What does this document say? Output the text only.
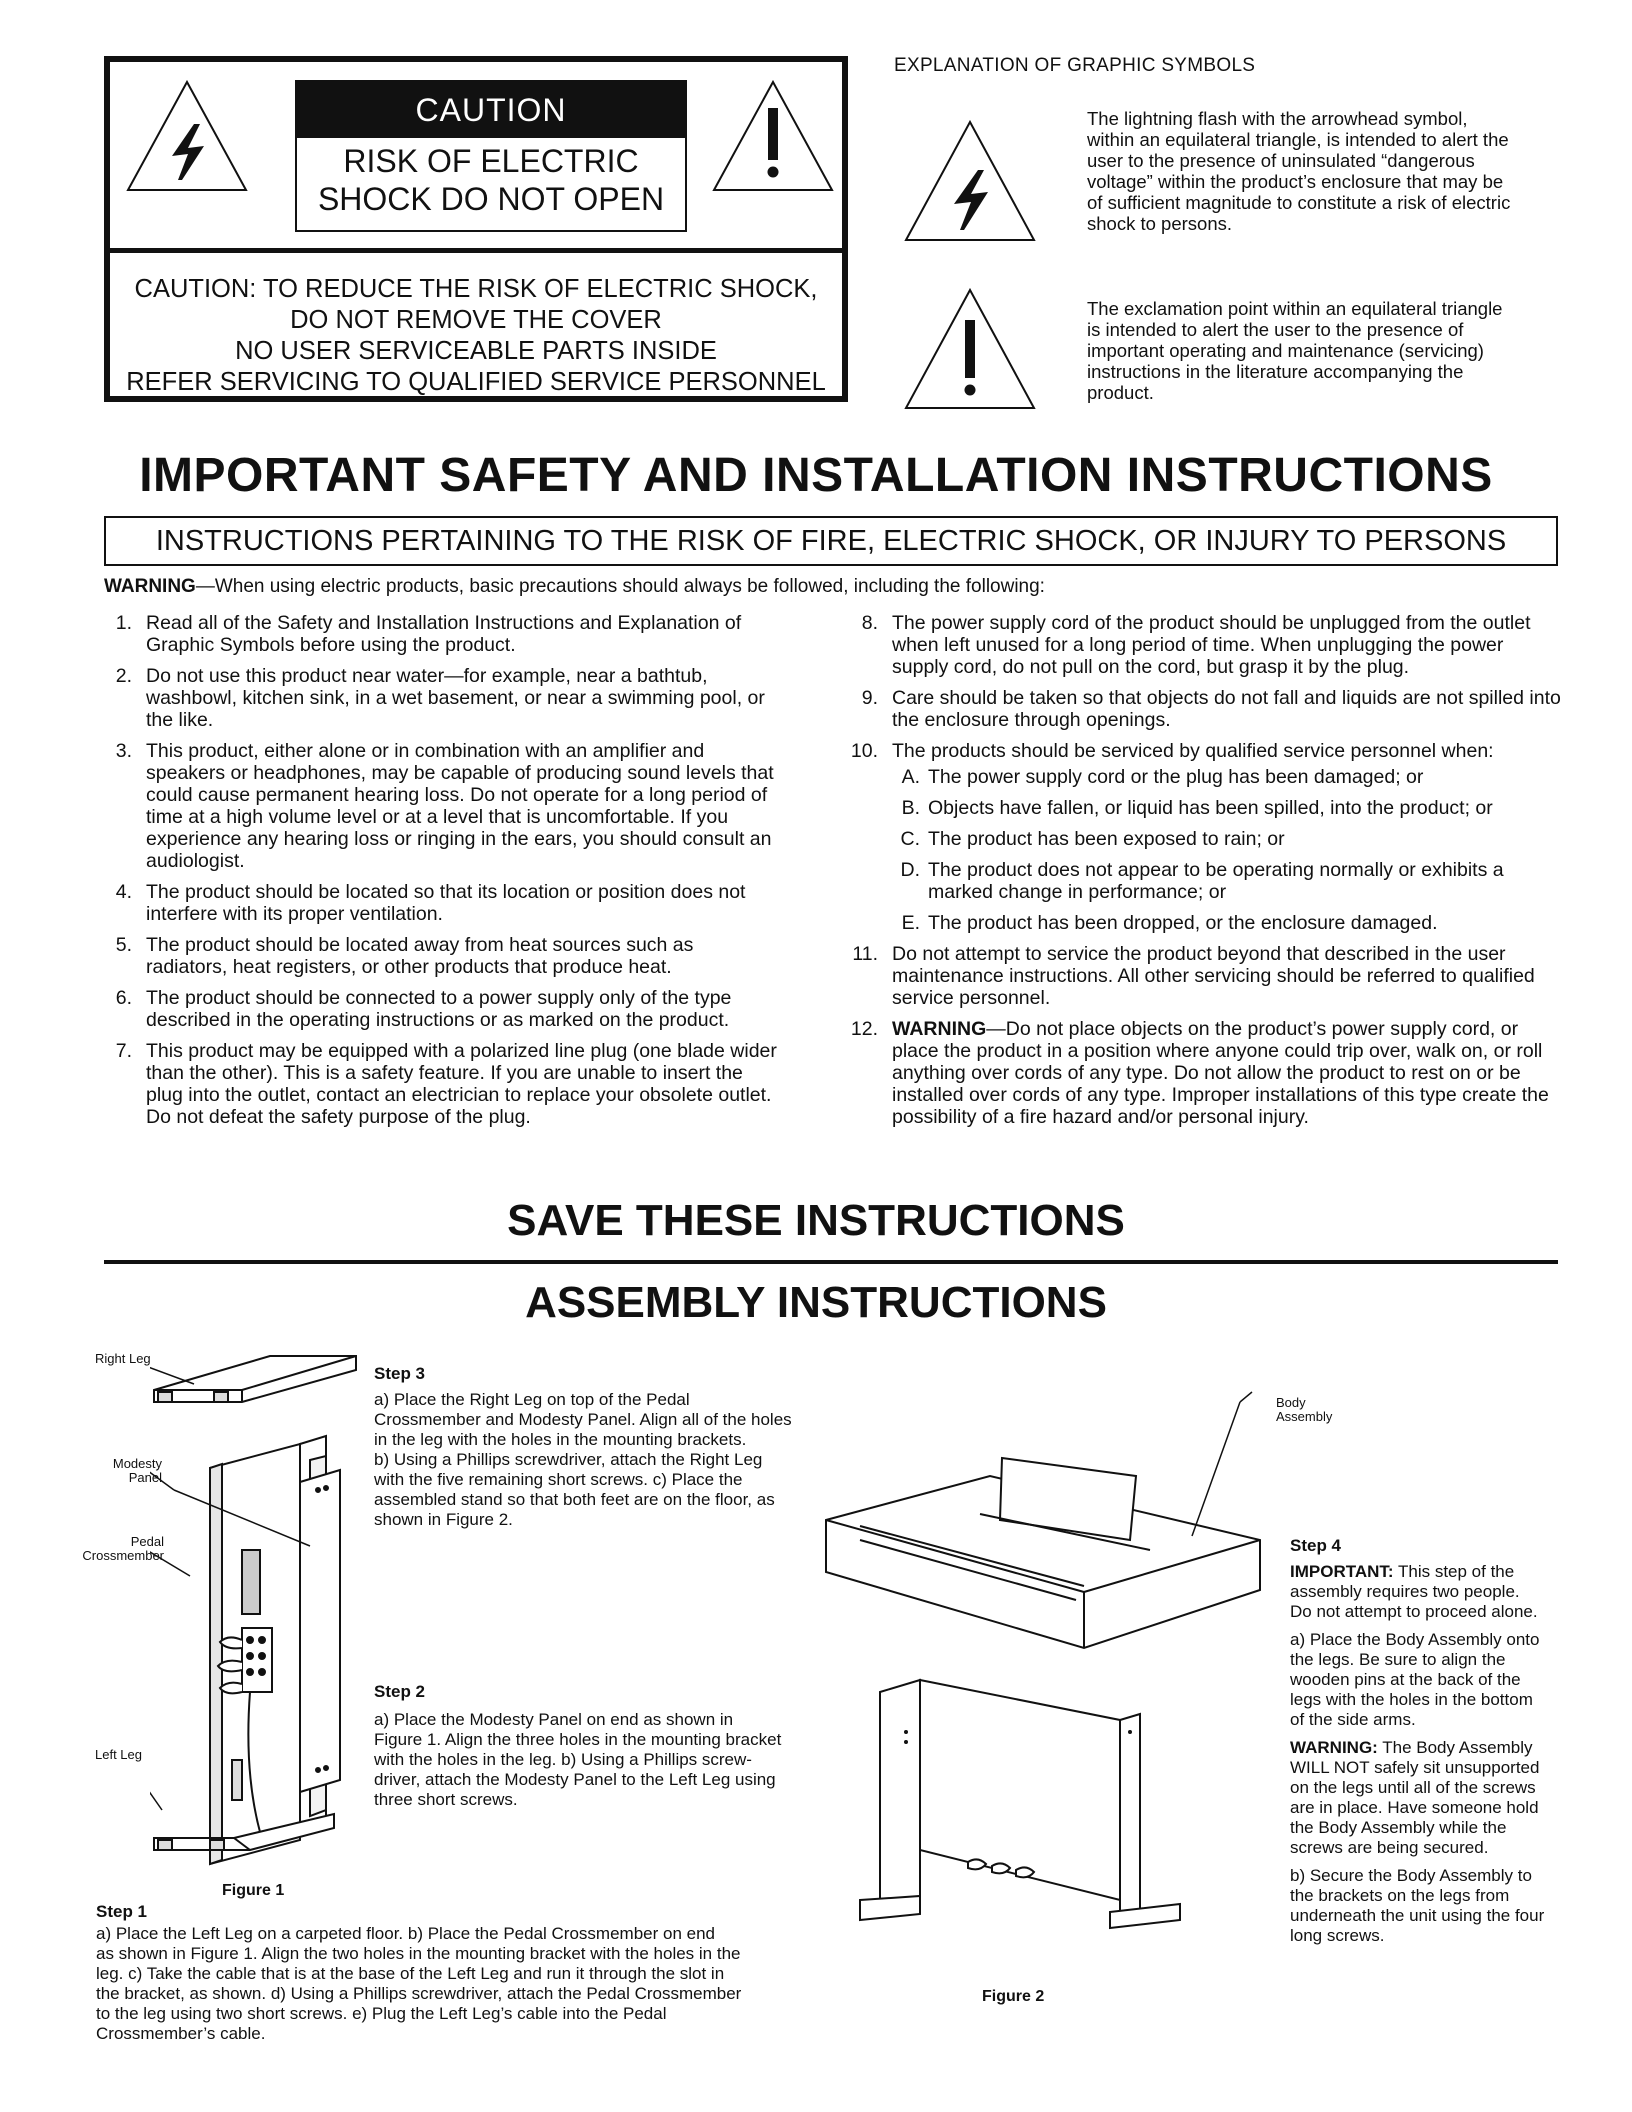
CAUTION
RISK OF ELECTRIC
SHOCK DO NOT OPEN
CAUTION: TO REDUCE THE RISK OF ELECTRIC SHOCK,
DO NOT REMOVE THE COVER
NO USER SERVICEABLE PARTS INSIDE
REFER SERVICING TO QUALIFIED SERVICE PERSONNEL
EXPLANATION OF GRAPHIC SYMBOLS
The lightning flash with the arrowhead symbol,
within an equilateral triangle, is intended to alert the
user to the presence of uninsulated “dangerous
voltage” within the product’s enclosure that may be
of sufficient magnitude to constitute a risk of electric
shock to persons.
The exclamation point within an equilateral triangle
is intended to alert the user to the presence of
important operating and maintenance (servicing)
instructions in the literature accompanying the
product.
IMPORTANT SAFETY AND INSTALLATION INSTRUCTIONS
INSTRUCTIONS PERTAINING TO THE RISK OF FIRE, ELECTRIC SHOCK, OR INJURY TO PERSONS
WARNING—When using electric products, basic precautions should always be followed, including the following:
1. Read all of the Safety and Installation Instructions and Explanation of Graphic Symbols before using the product.
2. Do not use this product near water—for example, near a bathtub, washbowl, kitchen sink, in a wet basement, or near a swimming pool, or the like.
3. This product, either alone or in combination with an amplifier and speakers or headphones, may be capable of producing sound levels that could cause permanent hearing loss. Do not operate for a long period of time at a high volume level or at a level that is uncomfortable. If you experience any hearing loss or ringing in the ears, you should consult an audiologist.
4. The product should be located so that its location or position does not interfere with its proper ventilation.
5. The product should be located away from heat sources such as radiators, heat registers, or other products that produce heat.
6. The product should be connected to a power supply only of the type described in the operating instructions or as marked on the product.
7. This product may be equipped with a polarized line plug (one blade wider than the other). This is a safety feature. If you are unable to insert the plug into the outlet, contact an electrician to replace your obsolete outlet. Do not defeat the safety purpose of the plug.
8. The power supply cord of the product should be unplugged from the outlet when left unused for a long period of time. When unplugging the power supply cord, do not pull on the cord, but grasp it by the plug.
9. Care should be taken so that objects do not fall and liquids are not spilled into the enclosure through openings.
10. The products should be serviced by qualified service personnel when:
A. The power supply cord or the plug has been damaged; or
B. Objects have fallen, or liquid has been spilled, into the product; or
C. The product has been exposed to rain; or
D. The product does not appear to be operating normally or exhibits a marked change in performance; or
E. The product has been dropped, or the enclosure damaged.
11. Do not attempt to service the product beyond that described in the user maintenance instructions. All other servicing should be referred to qualified service personnel.
12. WARNING—Do not place objects on the product’s power supply cord, or place the product in a position where anyone could trip over, walk on, or roll anything over cords of any type. Do not allow the product to rest on or be installed over cords of any type. Improper installations of this type create the possibility of a fire hazard and/or personal injury.
SAVE THESE INSTRUCTIONS
ASSEMBLY INSTRUCTIONS
Right Leg
Modesty
Panel
Pedal
Crossmember
Left Leg
Figure 1
Step 1
a) Place the Left Leg on a carpeted floor. b) Place the Pedal Crossmember on end
as shown in Figure 1. Align the two holes in the mounting bracket with the holes in the
leg. c) Take the cable that is at the base of the Left Leg and run it through the slot in
the bracket, as shown. d) Using a Phillips screwdriver, attach the Pedal Crossmember
to the leg using two short screws. e) Plug the Left Leg’s cable into the Pedal
Crossmember’s cable.
Step 3
a) Place the Right Leg on top of the Pedal
Crossmember and Modesty Panel. Align all of the holes
in the leg with the holes in the mounting brackets.
b) Using a Phillips screwdriver, attach the Right Leg
with the five remaining short screws. c) Place the
assembled stand so that both feet are on the floor, as
shown in Figure 2.
Step 2
a) Place the Modesty Panel on end as shown in
Figure 1. Align the three holes in the mounting bracket
with the holes in the leg. b) Using a Phillips screw-
driver, attach the Modesty Panel to the Left Leg using
three short screws.
Body
Assembly
Figure 2
Step 4
IMPORTANT: This step of the
assembly requires two people.
Do not attempt to proceed alone.
a) Place the Body Assembly onto
the legs. Be sure to align the
wooden pins at the back of the
legs with the holes in the bottom
of the side arms.
WARNING: The Body Assembly
WILL NOT safely sit unsupported
on the legs until all of the screws
are in place. Have someone hold
the Body Assembly while the
screws are being secured.
b) Secure the Body Assembly to
the brackets on the legs from
underneath the unit using the four
long screws.
